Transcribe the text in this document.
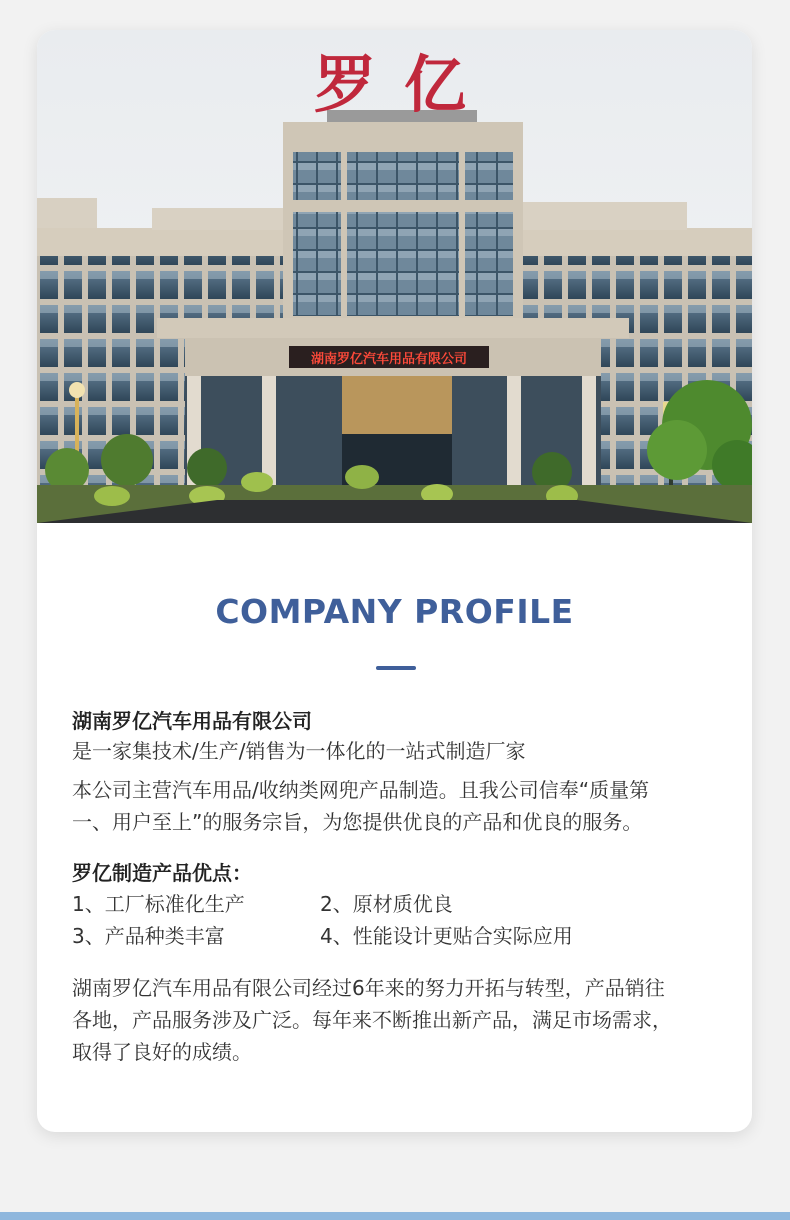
罗亿
湖南罗亿汽车用品有限公司
COMPANY PROFILE
湖南罗亿汽车用品有限公司
是一家集技术/生产/销售为一体化的一站式制造厂家
本公司主营汽车用品/收纳类网兜产品制造。且我公司信奉“质量第
一、用户至上”的服务宗旨，为您提供优良的产品和优良的服务。
罗亿制造产品优点：
1、工厂标准化生产	2、原材质优良
3、产品种类丰富	4、性能设计更贴合实际应用
湖南罗亿汽车用品有限公司经过6年来的努力开拓与转型，产品销往
各地，产品服务涉及广泛。每年来不断推出新产品，满足市场需求，
取得了良好的成绩。
